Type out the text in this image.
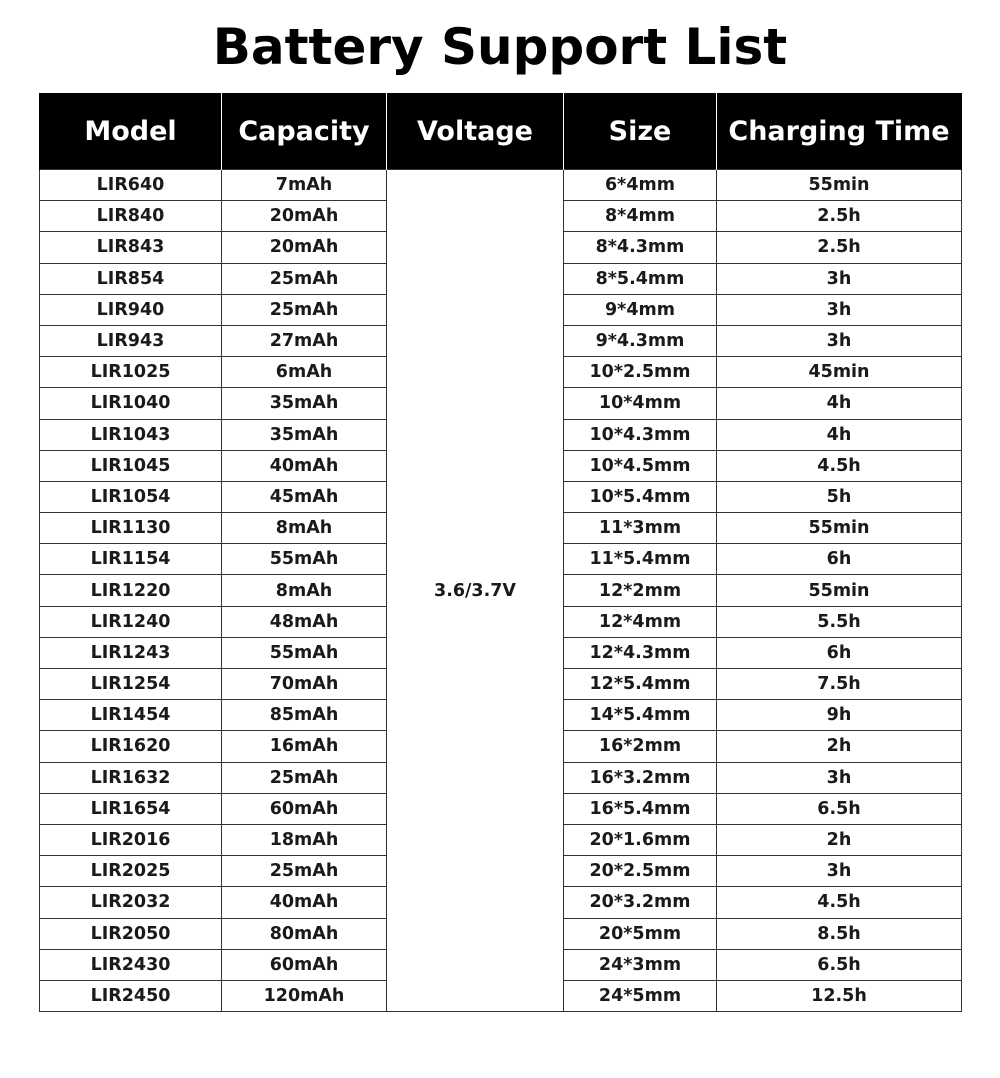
Battery Support List
Model	Capacity	Voltage	Size	Charging Time
LIR640	7mAh	3.6/3.7V	6*4mm	55min
LIR840	20mAh		8*4mm	2.5h
LIR843	20mAh		8*4.3mm	2.5h
LIR854	25mAh		8*5.4mm	3h
LIR940	25mAh		9*4mm	3h
LIR943	27mAh		9*4.3mm	3h
LIR1025	6mAh		10*2.5mm	45min
LIR1040	35mAh		10*4mm	4h
LIR1043	35mAh		10*4.3mm	4h
LIR1045	40mAh		10*4.5mm	4.5h
LIR1054	45mAh		10*5.4mm	5h
LIR1130	8mAh		11*3mm	55min
LIR1154	55mAh		11*5.4mm	6h
LIR1220	8mAh		12*2mm	55min
LIR1240	48mAh		12*4mm	5.5h
LIR1243	55mAh		12*4.3mm	6h
LIR1254	70mAh		12*5.4mm	7.5h
LIR1454	85mAh		14*5.4mm	9h
LIR1620	16mAh		16*2mm	2h
LIR1632	25mAh		16*3.2mm	3h
LIR1654	60mAh		16*5.4mm	6.5h
LIR2016	18mAh		20*1.6mm	2h
LIR2025	25mAh		20*2.5mm	3h
LIR2032	40mAh		20*3.2mm	4.5h
LIR2050	80mAh		20*5mm	8.5h
LIR2430	60mAh		24*3mm	6.5h
LIR2450	120mAh		24*5mm	12.5h
